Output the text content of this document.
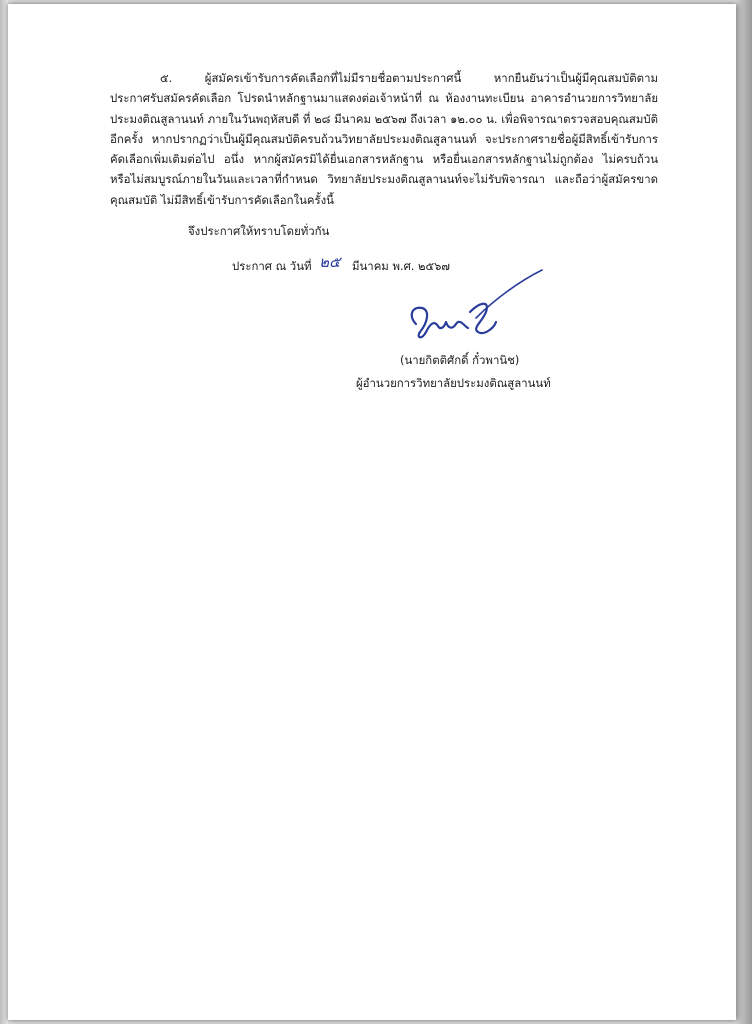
๕. ผู้สมัครเข้ารับการคัดเลือกที่ไม่มีรายชื่อตามประกาศนี้ หากยืนยันว่าเป็นผู้มีคุณสมบัติตาม
ประกาศรับสมัครคัดเลือก โปรดนำหลักฐานมาแสดงต่อเจ้าหน้าที่ ณ ห้องงานทะเบียน อาคารอำนวยการวิทยาลัย
ประมงติณสูลานนท์ ภายในวันพฤหัสบดี ที่ ๒๘ มีนาคม ๒๕๖๗ ถึงเวลา ๑๒.๐๐ น. เพื่อพิจารณาตรวจสอบคุณสมบัติ
อีกครั้ง หากปรากฏว่าเป็นผู้มีคุณสมบัติครบถ้วนวิทยาลัยประมงติณสูลานนท์ จะประกาศรายชื่อผู้มีสิทธิ์เข้ารับการ
คัดเลือกเพิ่มเติมต่อไป อนึ่ง หากผู้สมัครมิได้ยื่นเอกสารหลักฐาน หรือยื่นเอกสารหลักฐานไม่ถูกต้อง ไม่ครบถ้วน
หรือไม่สมบูรณ์ภายในวันและเวลาที่กำหนด วิทยาลัยประมงติณสูลานนท์จะไม่รับพิจารณา และถือว่าผู้สมัครขาด
คุณสมบัติ ไม่มีสิทธิ์เข้ารับการคัดเลือกในครั้งนี้
จึงประกาศให้ทราบโดยทั่วกัน
ประกาศ ณ วันที่ ๒๕ มีนาคม พ.ศ. ๒๕๖๗
(นายกิตติศักดิ์ กั๋วพานิช)
ผู้อำนวยการวิทยาลัยประมงติณสูลานนท์
